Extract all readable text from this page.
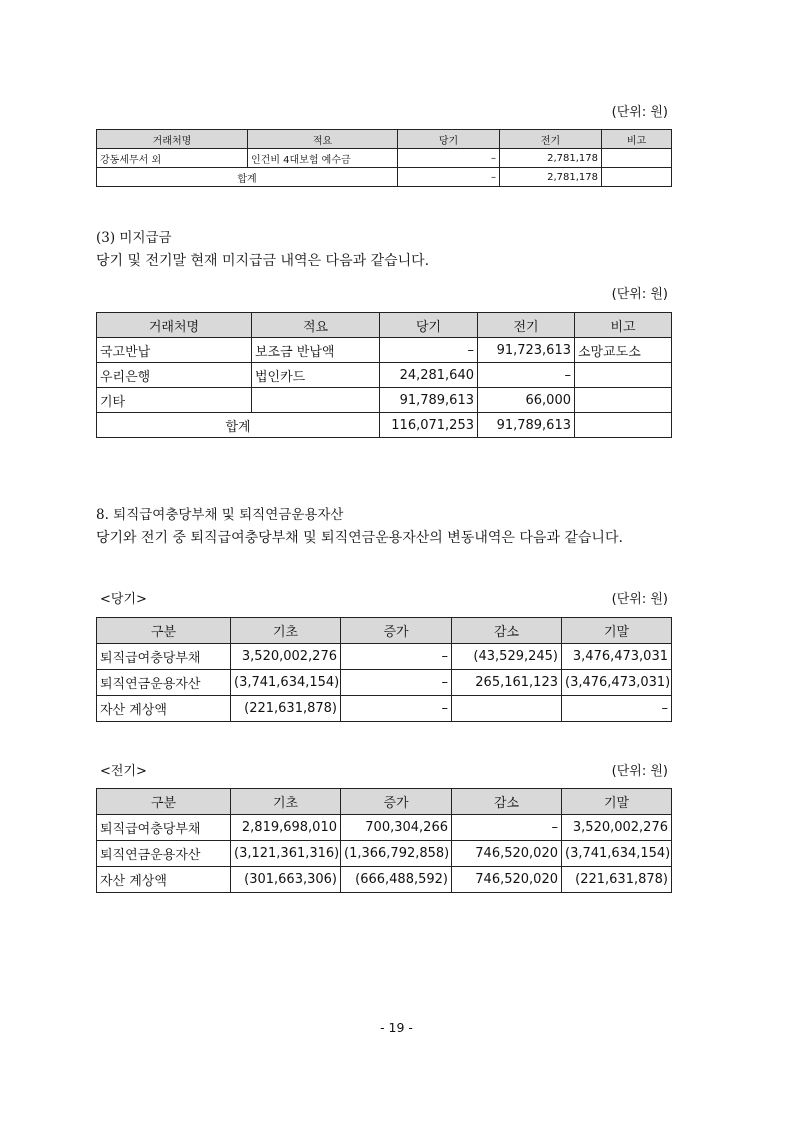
(단위: 원)
거래처명	적요	당기	전기	비고
강동세무서 외	인건비 4대보험 예수금	–	2,781,178	
합계		–	2,781,178	
(3) 미지급금
당기 및 전기말 현재 미지급금 내역은 다음과 같습니다.
(단위: 원)
거래처명	적요	당기	전기	비고
국고반납	보조금 반납액	–	91,723,613	소망교도소
우리은행	법인카드	24,281,640	–	
기타		91,789,613	66,000	
합계		116,071,253	91,789,613	
8. 퇴직급여충당부채 및 퇴직연금운용자산
당기와 전기 중 퇴직급여충당부채 및 퇴직연금운용자산의 변동내역은 다음과 같습니다.
<당기>	(단위: 원)
구분	기초	증가	감소	기말
퇴직급여충당부채	3,520,002,276	–	(43,529,245)	3,476,473,031
퇴직연금운용자산	(3,741,634,154)	–	265,161,123	(3,476,473,031)
자산 계상액	(221,631,878)	–		–
<전기>	(단위: 원)
구분	기초	증가	감소	기말
퇴직급여충당부채	2,819,698,010	700,304,266	–	3,520,002,276
퇴직연금운용자산	(3,121,361,316)	(1,366,792,858)	746,520,020	(3,741,634,154)
자산 계상액	(301,663,306)	(666,488,592)	746,520,020	(221,631,878)
- 19 -
